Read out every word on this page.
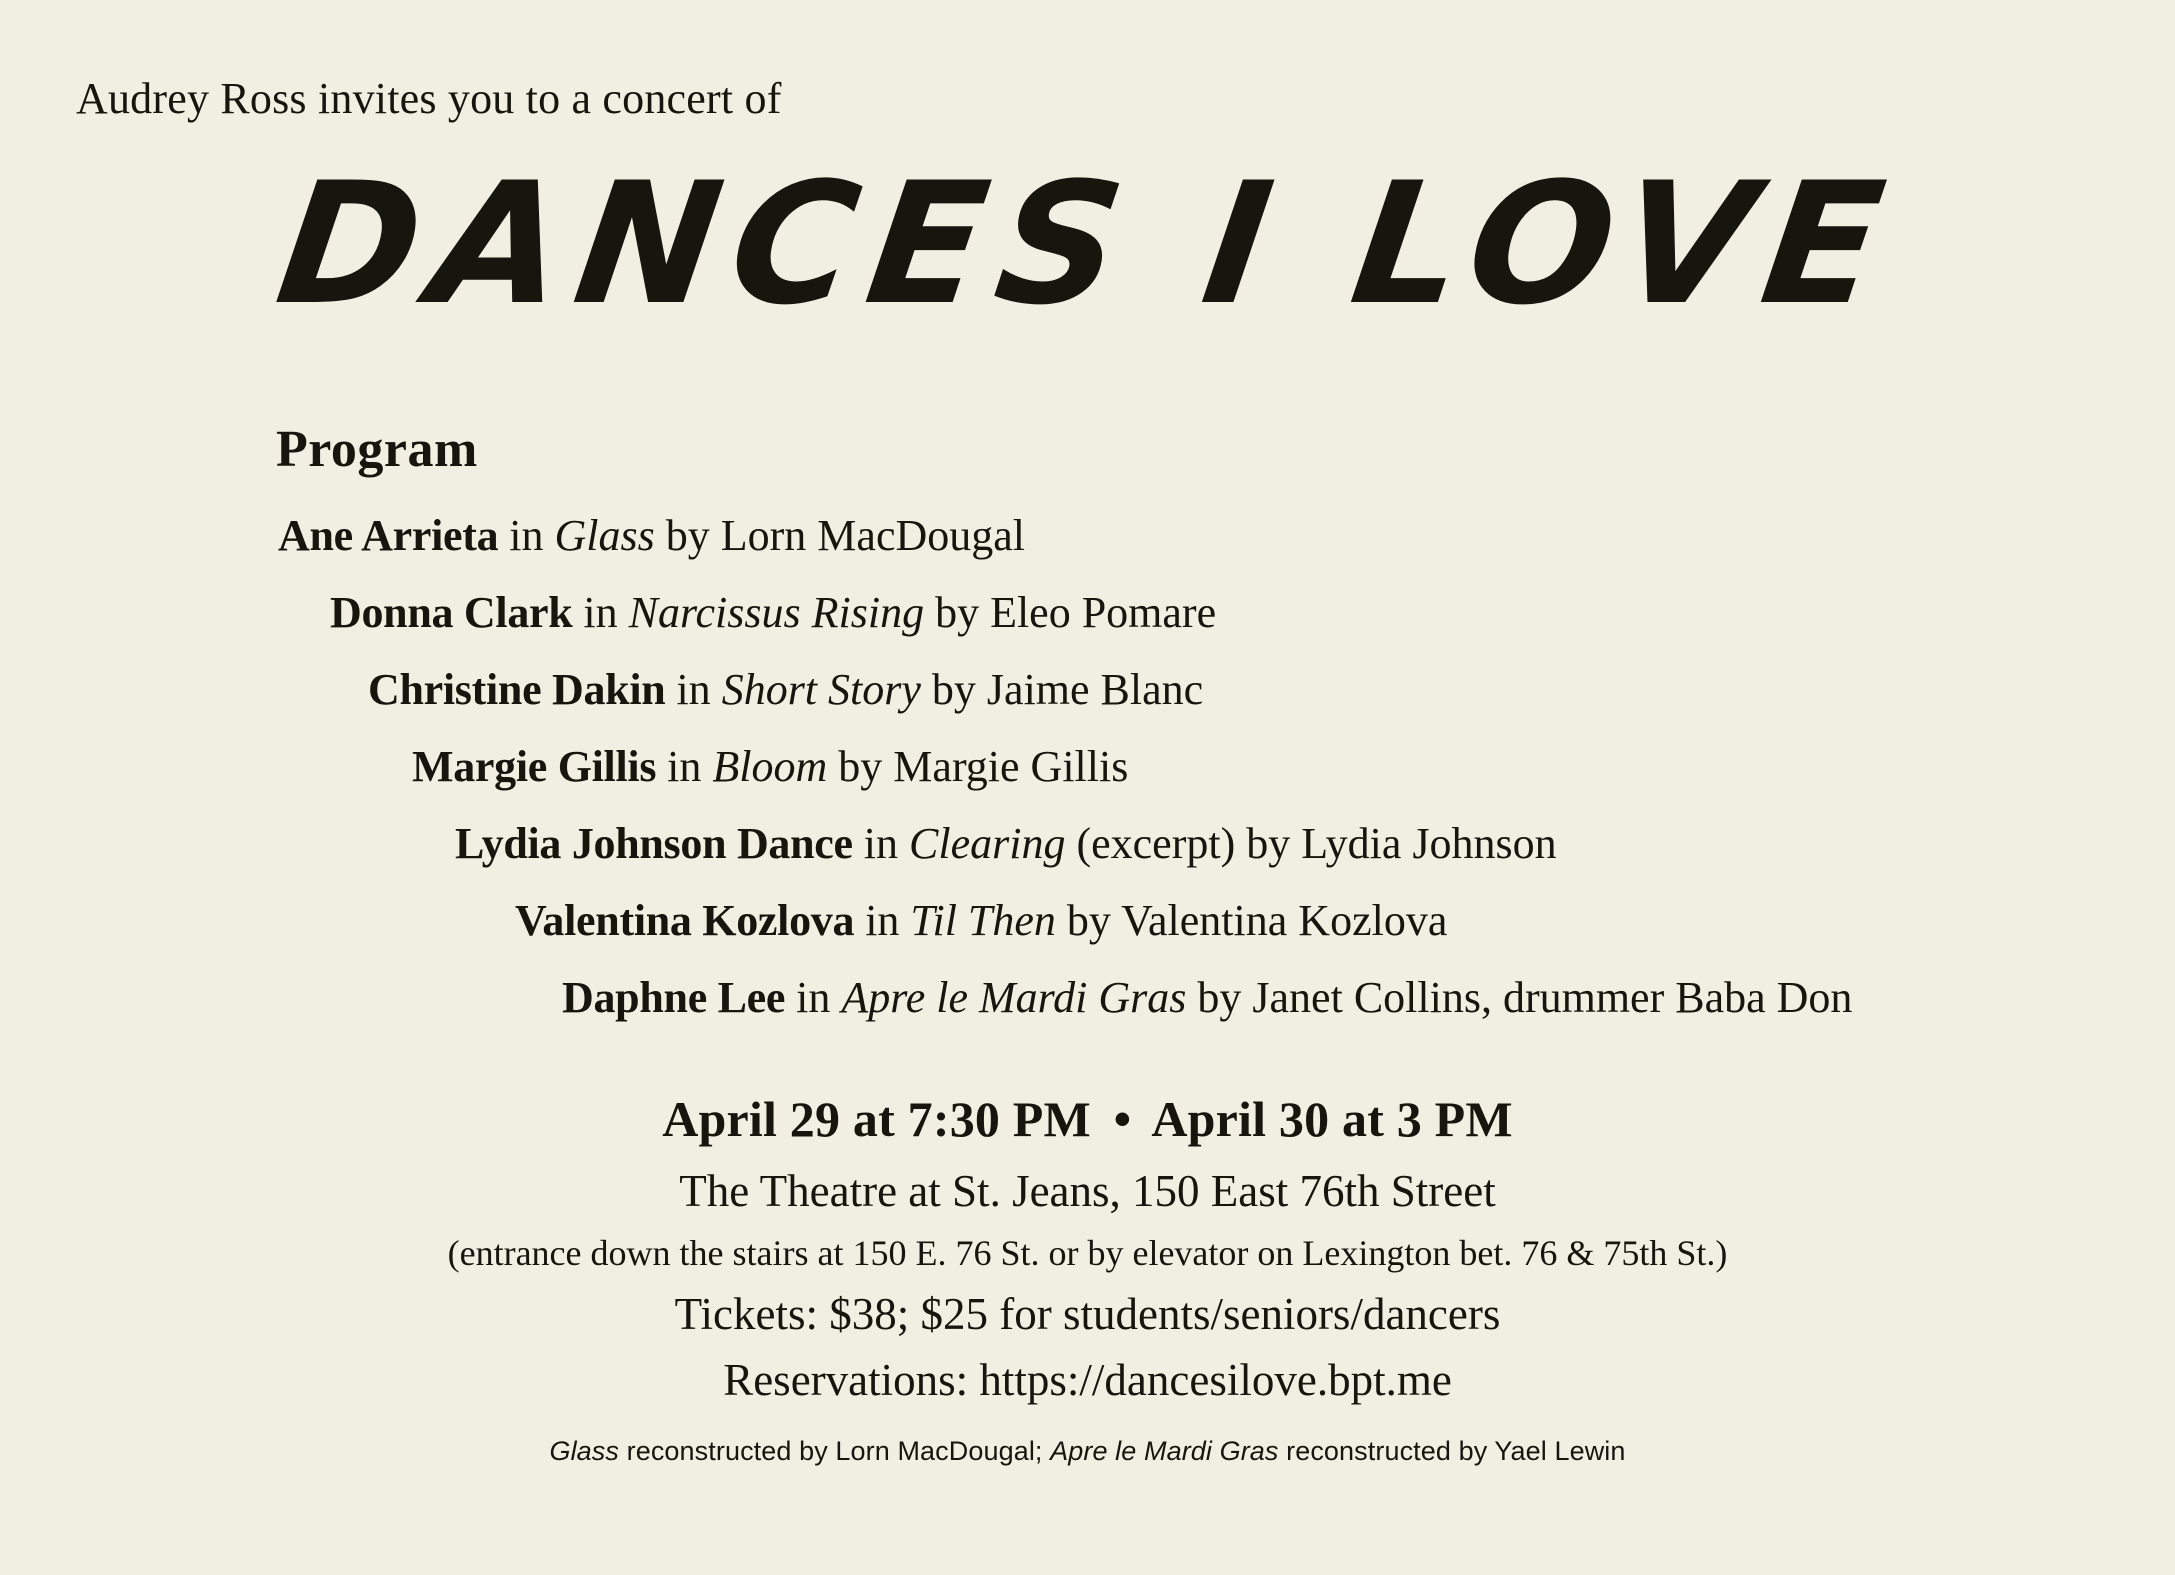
Audrey Ross invites you to a concert of
DANCES I LOVE
Program
Ane Arrieta in Glass by Lorn MacDougal
Donna Clark in Narcissus Rising by Eleo Pomare
Christine Dakin in Short Story by Jaime Blanc
Margie Gillis in Bloom by Margie Gillis
Lydia Johnson Dance in Clearing (excerpt) by Lydia Johnson
Valentina Kozlova in Til Then by Valentina Kozlova
Daphne Lee in Apre le Mardi Gras by Janet Collins, drummer Baba Don
April 29 at 7:30 PM • April 30 at 3 PM
The Theatre at St. Jeans, 150 East 76th Street
(entrance down the stairs at 150 E. 76 St. or by elevator on Lexington bet. 76 & 75th St.)
Tickets: $38; $25 for students/seniors/dancers
Reservations: https://dancesilove.bpt.me
Glass reconstructed by Lorn MacDougal; Apre le Mardi Gras reconstructed by Yael Lewin
